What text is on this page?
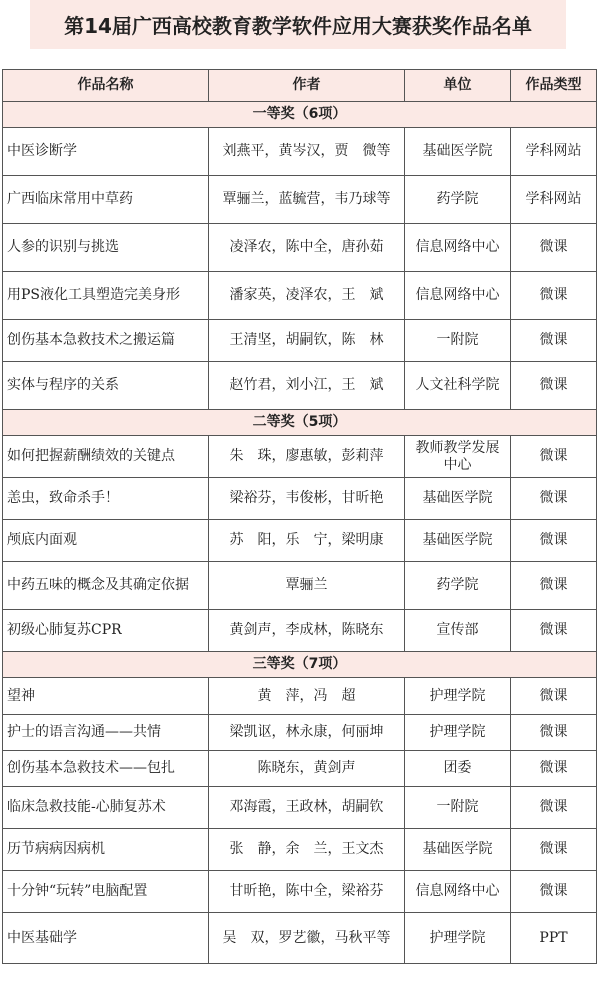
第14届广西高校教育教学软件应用大赛获奖作品名单
作品名称	作者	单位	作品类型
一等奖（6项）			
中医诊断学	刘燕平，黄岑汉，贾　微等	基础医学院	学科网站
广西临床常用中草药	覃骊兰，蓝毓营，韦乃球等	药学院	学科网站
人参的识别与挑选	凌泽农，陈中全，唐孙茹	信息网络中心	微课
用PS液化工具塑造完美身形	潘家英，凌泽农，王　斌	信息网络中心	微课
创伤基本急救技术之搬运篇	王清坚，胡嗣钦，陈　林	一附院	微课
实体与程序的关系	赵竹君，刘小江，王　斌	人文社科学院	微课
二等奖（5项）			
如何把握薪酬绩效的关键点	朱　珠，廖惠敏，彭莉萍	教师教学发展中心	微课
恙虫，致命杀手！	梁裕芬，韦俊彬，甘昕艳	基础医学院	微课
颅底内面观	苏　阳，乐　宁，梁明康	基础医学院	微课
中药五味的概念及其确定依据	覃骊兰	药学院	微课
初级心肺复苏CPR	黄剑声，李成林，陈晓东	宣传部	微课
三等奖（7项）			
望神	黄　萍，冯　超	护理学院	微课
护士的语言沟通——共情	梁凯讴，林永康，何丽坤	护理学院	微课
创伤基本急救技术——包扎	陈晓东，黄剑声	团委	微课
临床急救技能-心肺复苏术	邓海霞，王政林，胡嗣钦	一附院	微课
历节病病因病机	张　静，余　兰，王文杰	基础医学院	微课
十分钟“玩转”电脑配置	甘昕艳，陈中全，梁裕芬	信息网络中心	微课
中医基础学	吴　双，罗艺徽，马秋平等	护理学院	PPT
